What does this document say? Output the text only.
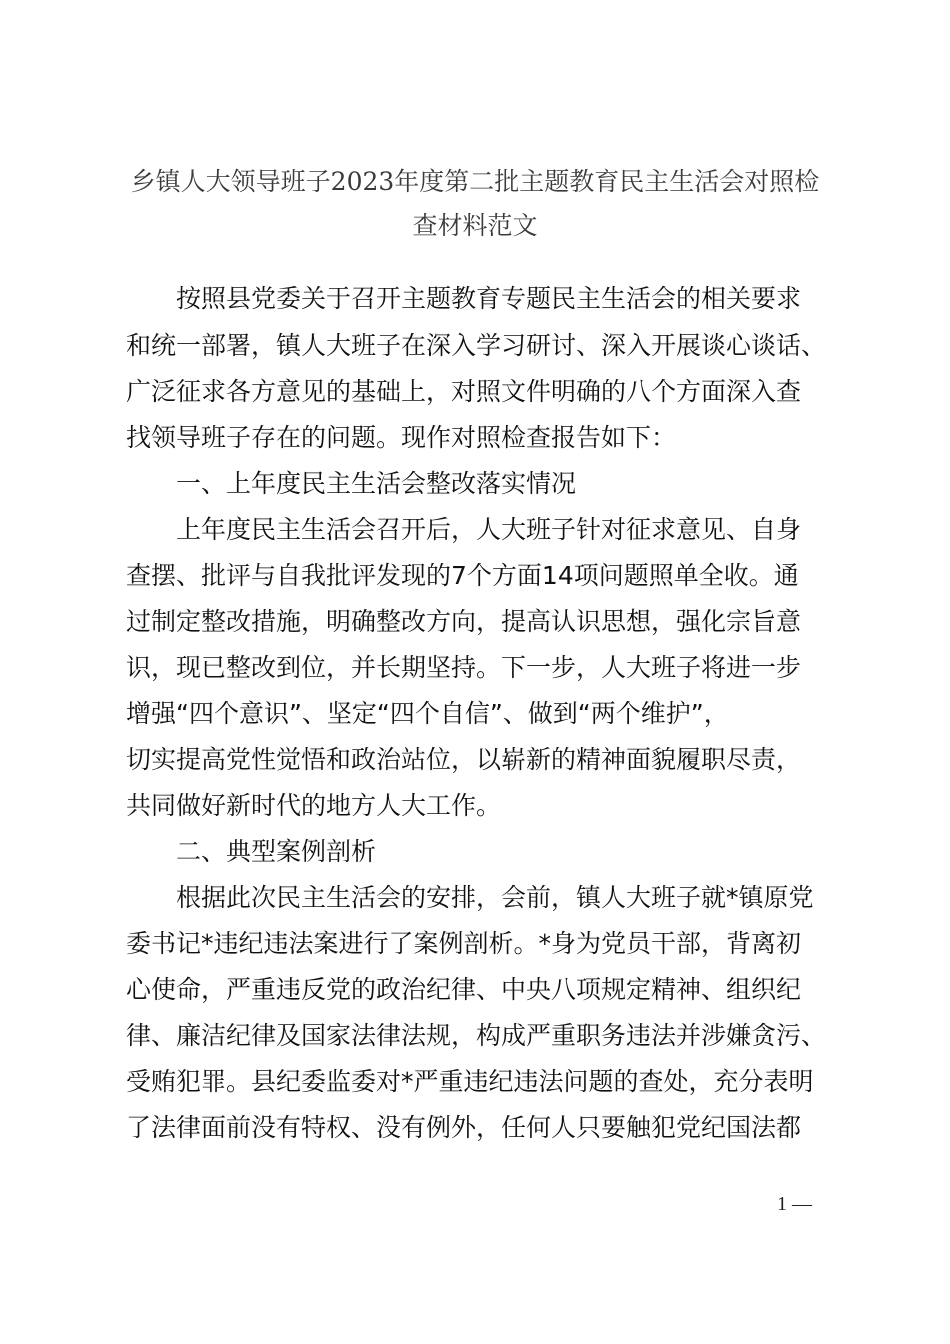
乡镇人大领导班子2023年度第二批主题教育民主生活会对照检
查材料范文
　　按照县党委关于召开主题教育专题民主生活会的相关要求
和统一部署，镇人大班子在深入学习研讨、深入开展谈心谈话、
广泛征求各方意见的基础上，对照文件明确的八个方面深入查
找领导班子存在的问题。现作对照检查报告如下：
　　一、上年度民主生活会整改落实情况
　　上年度民主生活会召开后，人大班子针对征求意见、自身
查摆、批评与自我批评发现的7个方面14项问题照单全收。通
过制定整改措施，明确整改方向，提高认识思想，强化宗旨意
识，现已整改到位，并长期坚持。下一步，人大班子将进一步
增强“四个意识”、坚定“四个自信”、做到“两个维护”，
切实提高党性觉悟和政治站位，以崭新的精神面貌履职尽责，
共同做好新时代的地方人大工作。
　　二、典型案例剖析
　　根据此次民主生活会的安排，会前，镇人大班子就*镇原党
委书记*违纪违法案进行了案例剖析。*身为党员干部，背离初
心使命，严重违反党的政治纪律、中央八项规定精神、组织纪
律、廉洁纪律及国家法律法规，构成严重职务违法并涉嫌贪污、
受贿犯罪。县纪委监委对*严重违纪违法问题的查处，充分表明
了法律面前没有特权、没有例外，任何人只要触犯党纪国法都
1 —
